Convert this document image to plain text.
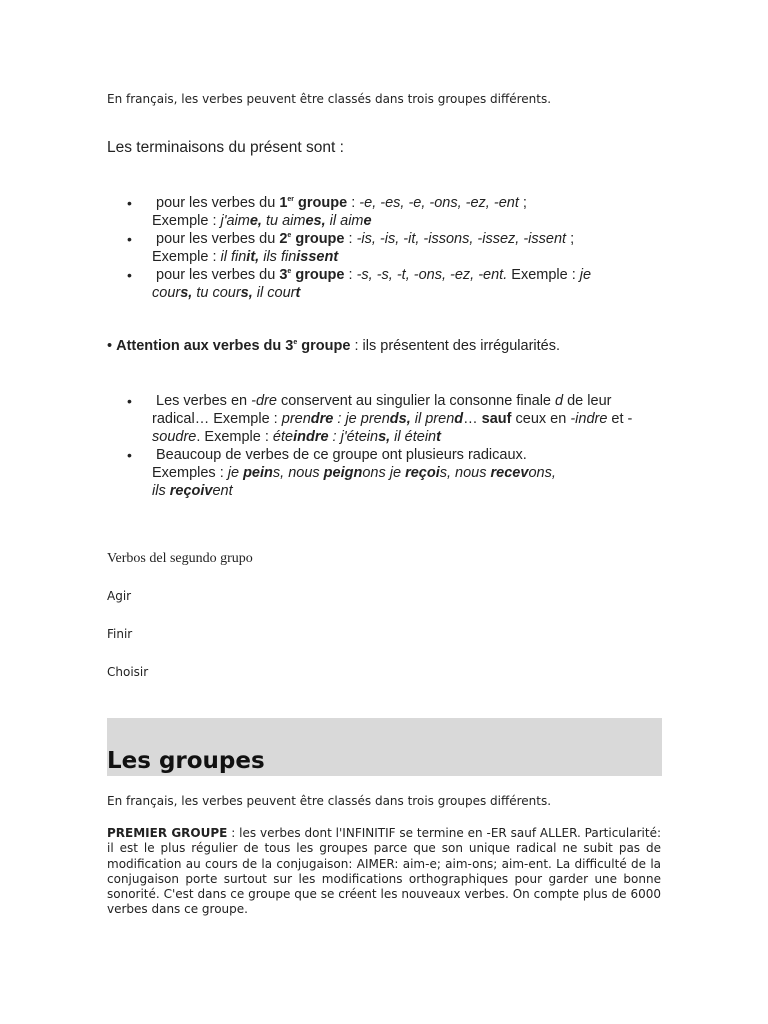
En français, les verbes peuvent être classés dans trois groupes différents.
Les terminaisons du présent sont :
• pour les verbes du 1er groupe : -e, -es, -e, -ons, -ez, -ent ;
Exemple : j'aime, tu aimes, il aime
• pour les verbes du 2e groupe : -is, -is, -it, -issons, -issez, -issent ;
Exemple : il finit, ils finissent
• pour les verbes du 3e groupe : -s, -s, -t, -ons, -ez, -ent. Exemple : je
cours, tu cours, il court
• Attention aux verbes du 3e groupe : ils présentent des irrégularités.
• Les verbes en -dre conservent au singulier la consonne finale d de leur
radical… Exemple : prendre : je prends, il prend… sauf ceux en -indre et -
soudre. Exemple : éteindre : j'éteins, il éteint
• Beaucoup de verbes de ce groupe ont plusieurs radicaux.
Exemples : je peins, nous peignons je reçois, nous recevons,
ils reçoivent
Verbos del segundo grupo
Agir
Finir
Choisir
Les groupes
En français, les verbes peuvent être classés dans trois groupes différents.
PREMIER GROUPE : les verbes dont l'INFINITIF se termine en -ER sauf ALLER. Particularité: il est le plus régulier de tous les groupes parce que son unique radical ne subit pas de modification au cours de la conjugaison: AIMER: aim-e; aim-ons; aim-ent. La difficulté de la conjugaison porte surtout sur les modifications orthographiques pour garder une bonne sonorité. C'est dans ce groupe que se créent les nouveaux verbes. On compte plus de 6000 verbes dans ce groupe.
